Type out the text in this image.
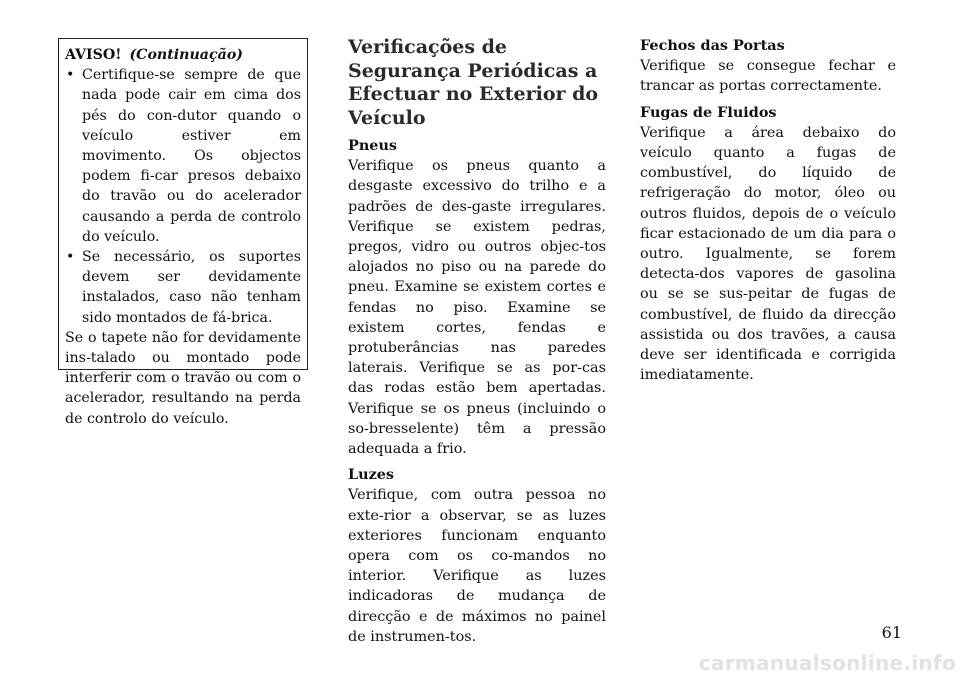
AVISO! (Continuação)

• Certifique-se sempre de que nada pode cair em cima dos pés do con-dutor quando o veículo estiver em movimento. Os objectos podem fi-car presos debaixo do travão ou do acelerador causando a perda de controlo do veículo.
• Se necessário, os suportes devem ser devidamente instalados, caso não tenham sido montados de fá-brica.

Se o tapete não for devidamente ins-talado ou montado pode interferir com o travão ou com o acelerador, resultando na perda de controlo do veículo.

Verificações de Segurança Periódicas a Efectuar no Exterior do Veículo

Pneus

Verifique os pneus quanto a desgaste excessivo do trilho e a padrões de des-gaste irregulares. Verifique se existem pedras, pregos, vidro ou outros objec-tos alojados no piso ou na parede do pneu. Examine se existem cortes e fendas no piso. Examine se existem cortes, fendas e protuberâncias nas paredes laterais. Verifique se as por-cas das rodas estão bem apertadas. Verifique se os pneus (incluindo o so-bresselente) têm a pressão adequada a frio.

Luzes

Verifique, com outra pessoa no exte-rior a observar, se as luzes exteriores funcionam enquanto opera com os co-mandos no interior. Verifique as luzes indicadoras de mudança de direcção e de máximos no painel de instrumen-tos.

Fechos das Portas

Verifique se consegue fechar e trancar as portas correctamente.

Fugas de Fluidos

Verifique a área debaixo do veículo quanto a fugas de combustível, do líquido de refrigeração do motor, óleo ou outros fluidos, depois de o veículo ficar estacionado de um dia para o outro. Igualmente, se forem detecta-dos vapores de gasolina ou se se sus-peitar de fugas de combustível, de fluido da direcção assistida ou dos travões, a causa deve ser identificada e corrigida imediatamente.

61
carmanualsonline.info
